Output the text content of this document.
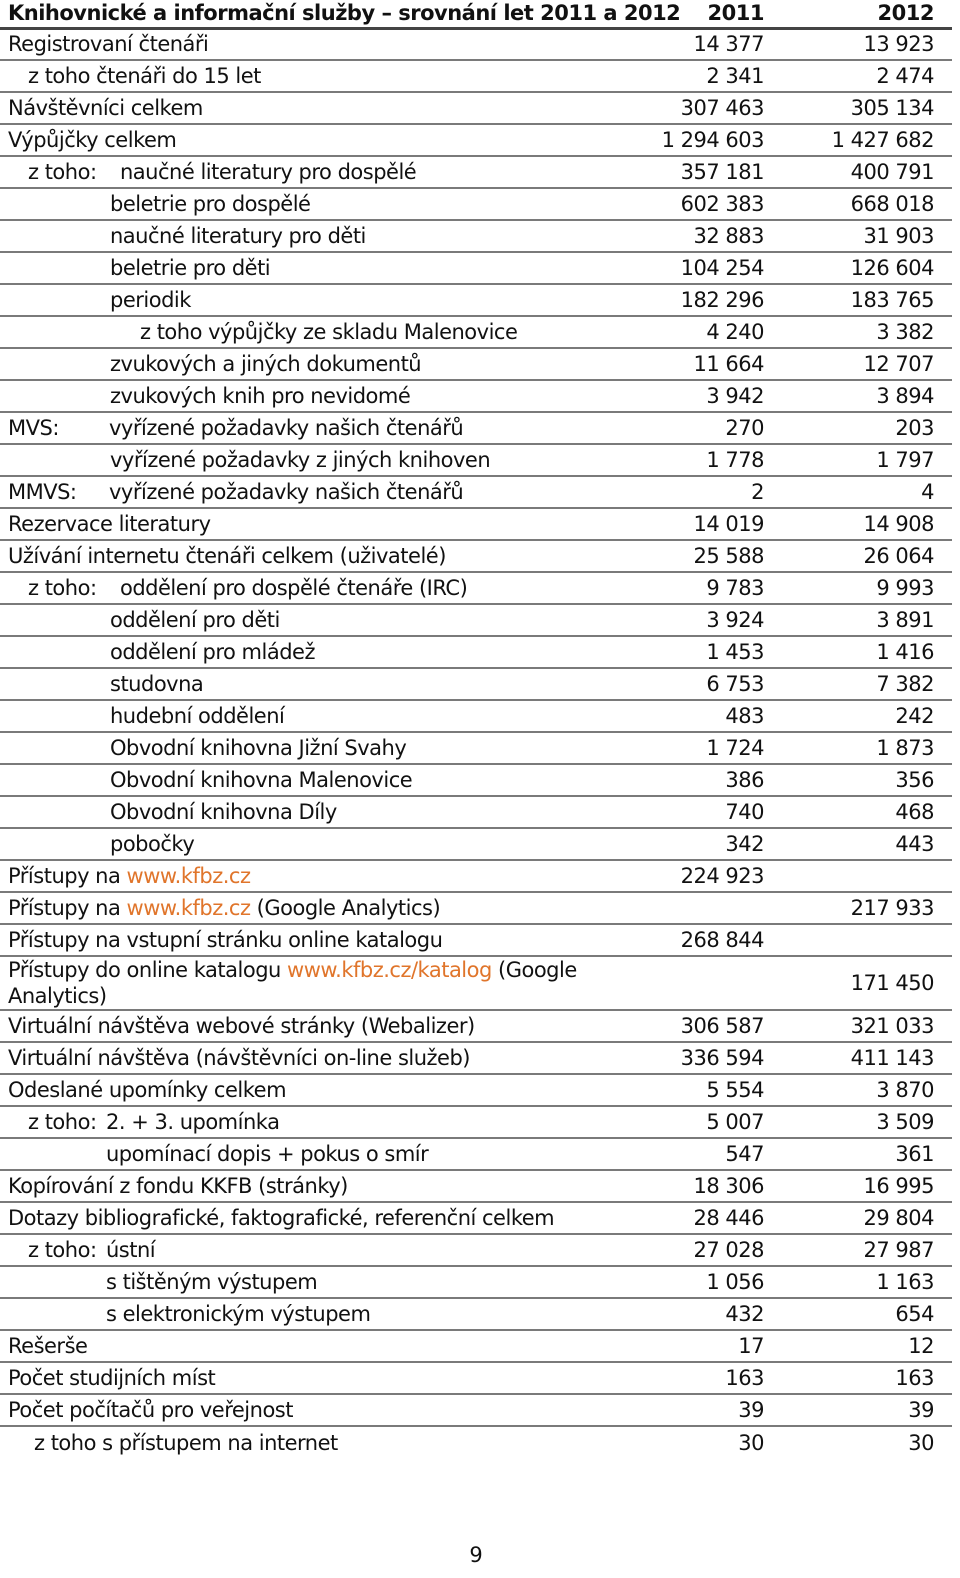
Knihovnické a informační služby – srovnání let 2011 a 2012	2011	2012
Registrovaní čtenáři	14 377	13 923
z toho čtenáři do 15 let	2 341	2 474
Návštěvníci celkem	307 463	305 134
Výpůjčky celkem	1 294 603	1 427 682
z toho: naučné literatury pro dospělé	357 181	400 791
beletrie pro dospělé	602 383	668 018
naučné literatury pro děti	32 883	31 903
beletrie pro děti	104 254	126 604
periodik	182 296	183 765
z toho výpůjčky ze skladu Malenovice	4 240	3 382
zvukových a jiných dokumentů	11 664	12 707
zvukových knih pro nevidomé	3 942	3 894
MVS: vyřízené požadavky našich čtenářů	270	203
vyřízené požadavky z jiných knihoven	1 778	1 797
MMVS: vyřízené požadavky našich čtenářů	2	4
Rezervace literatury	14 019	14 908
Užívání internetu čtenáři celkem (uživatelé)	25 588	26 064
z toho: oddělení pro dospělé čtenáře (IRC)	9 783	9 993
oddělení pro děti	3 924	3 891
oddělení pro mládež	1 453	1 416
studovna	6 753	7 382
hudební oddělení	483	242
Obvodní knihovna Jižní Svahy	1 724	1 873
Obvodní knihovna Malenovice	386	356
Obvodní knihovna Díly	740	468
pobočky	342	443
Přístupy na www.kfbz.cz	224 923	
Přístupy na www.kfbz.cz (Google Analytics)		217 933
Přístupy na vstupní stránku online katalogu	268 844	
Přístupy do online katalogu www.kfbz.cz/katalog (Google Analytics)		171 450
Virtuální návštěva webové stránky (Webalizer)	306 587	321 033
Virtuální návštěva (návštěvníci on-line služeb)	336 594	411 143
Odeslané upomínky celkem	5 554	3 870
z toho: 2. + 3. upomínka	5 007	3 509
upomínací dopis + pokus o smír	547	361
Kopírování z fondu KKFB (stránky)	18 306	16 995
Dotazy bibliografické, faktografické, referenční celkem	28 446	29 804
z toho: ústní	27 028	27 987
s tištěným výstupem	1 056	1 163
s elektronickým výstupem	432	654
Rešerše	17	12
Počet studijních míst	163	163
Počet počítačů pro veřejnost	39	39
z toho s přístupem na internet	30	30
9
